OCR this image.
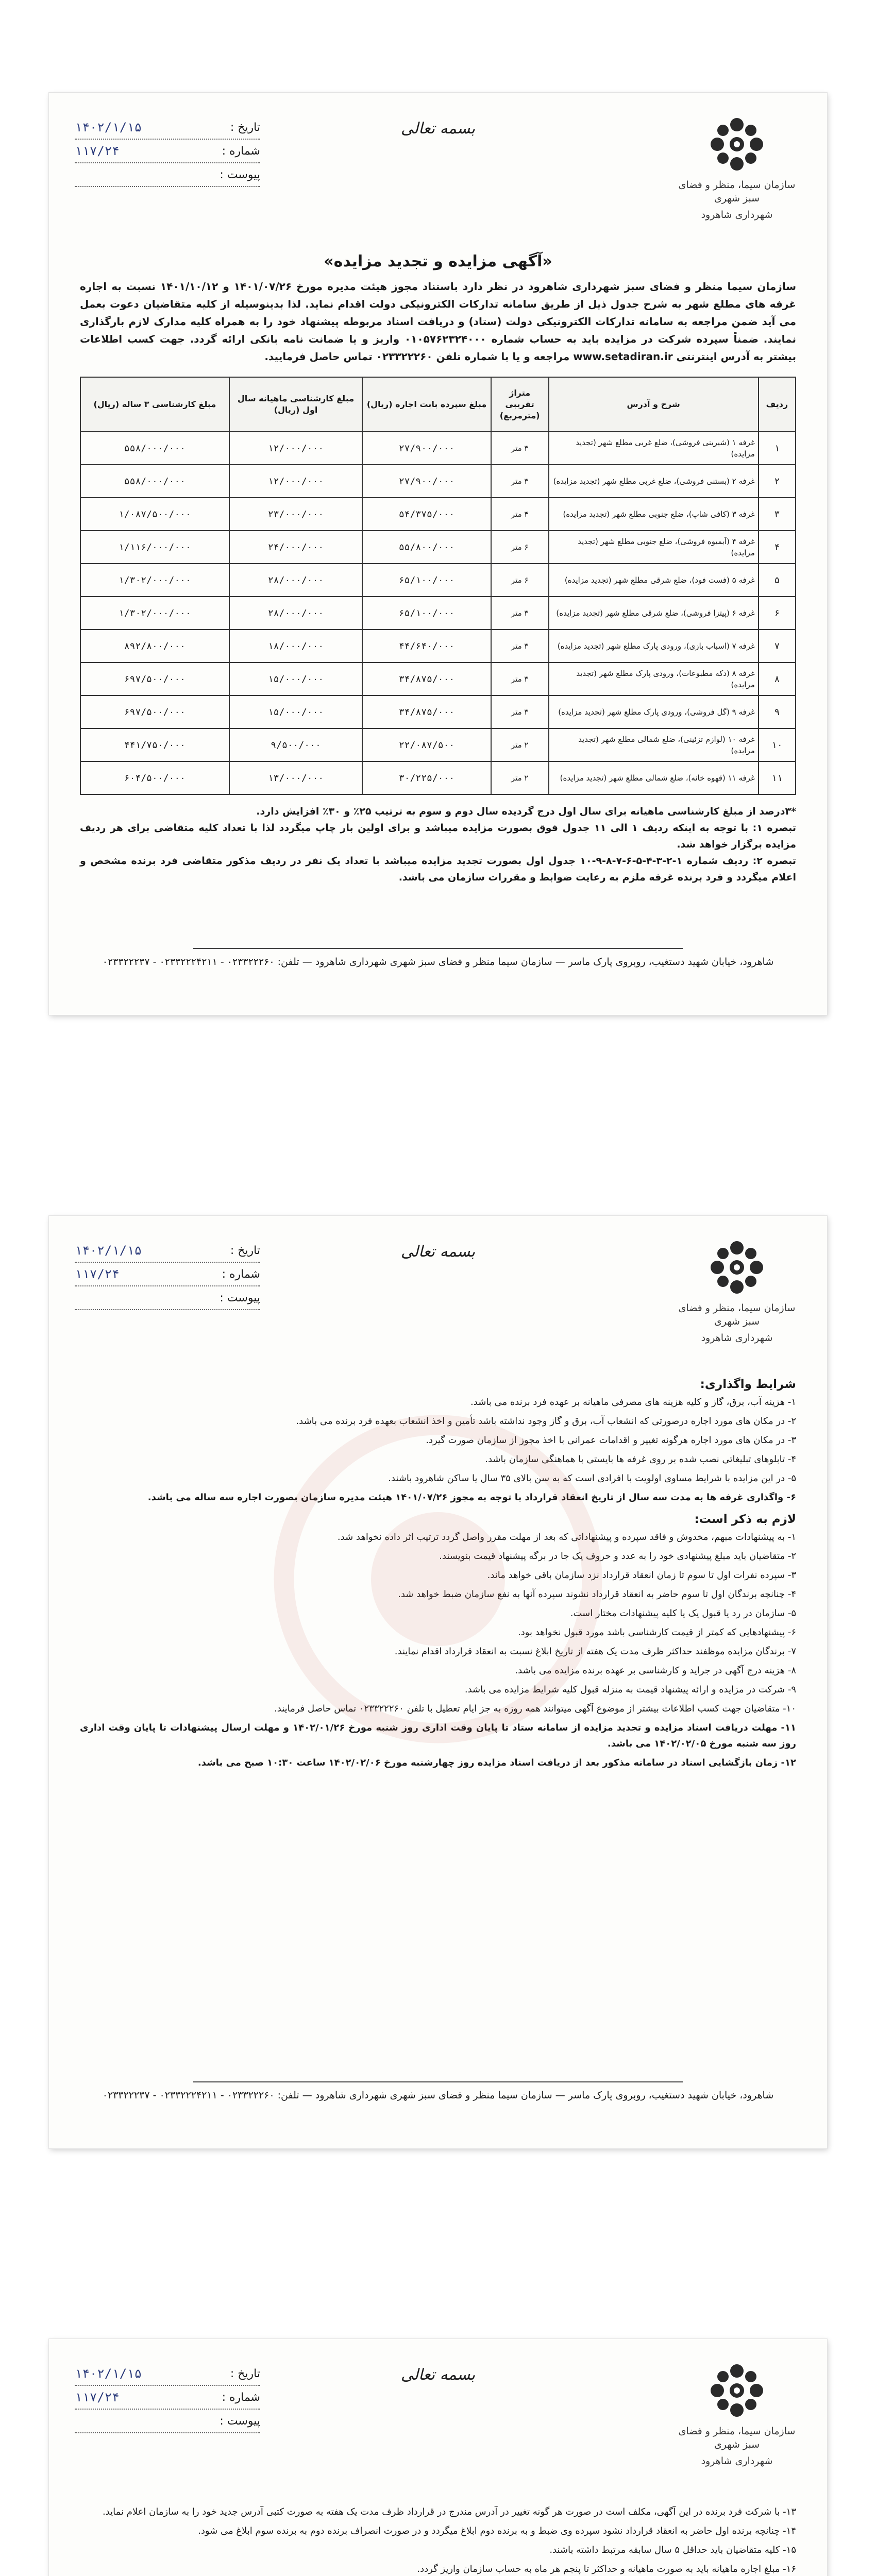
سازمان سیما، منظر و فضای سبز شهری
شهرداری شاهرود
بسمه تعالی
تاریخ :
۱۴۰۲/۱/۱۵
شماره :
۱۱۷/۲۴
پیوست :
«آگهی مزایده و تجدید مزایده»
سازمان سیما منظر و فضای سبز شهرداری شاهرود در نظر دارد باستناد مجوز هیئت مدیره مورخ ۱۴۰۱/۰۷/۲۶ و ۱۴۰۱/۱۰/۱۲ نسبت به اجاره غرفه های مطلع شهر به شرح جدول ذیل از طریق سامانه تدارکات الکترونیکی دولت اقدام نماید. لذا بدینوسیله از کلیه متقاضیان دعوت بعمل می آید ضمن مراجعه به سامانه تدارکات الکترونیکی دولت (ستاد) و دریافت اسناد مربوطه پیشنهاد خود را به همراه کلیه مدارک لازم بارگذاری نمایند. ضمناً سپرده شرکت در مزایده باید به حساب شماره ۰۱۰۵۷۶۲۳۲۴۰۰۰ واریز و یا ضمانت نامه بانکی ارائه گردد. جهت کسب اطلاعات بیشتر به آدرس اینترنتی www.setadiran.ir مراجعه و یا با شماره تلفن ۰۲۳۳۲۲۲۶۰ تماس حاصل فرمایید.
ردیف	شرح و آدرس	متراژ تقریبی (مترمربع)	مبلغ سپرده بابت اجاره (ریال)	مبلغ کارشناسی ماهیانه سال اول (ریال)	مبلغ کارشناسی ۳ ساله (ریال)
۱	غرفه ۱ (شیرینی فروشی)، ضلع غربی مطلع شهر (تجدید مزایده)	۳ متر	۲۷/۹۰۰/۰۰۰	۱۲/۰۰۰/۰۰۰	۵۵۸/۰۰۰/۰۰۰
۲	غرفه ۲ (بستنی فروشی)، ضلع غربی مطلع شهر (تجدید مزایده)	۳ متر	۲۷/۹۰۰/۰۰۰	۱۲/۰۰۰/۰۰۰	۵۵۸/۰۰۰/۰۰۰
۳	غرفه ۳ (کافی شاپ)، ضلع جنوبی مطلع شهر (تجدید مزایده)	۴ متر	۵۴/۳۷۵/۰۰۰	۲۳/۰۰۰/۰۰۰	۱/۰۸۷/۵۰۰/۰۰۰
۴	غرفه ۴ (آبمیوه فروشی)، ضلع جنوبی مطلع شهر (تجدید مزایده)	۶ متر	۵۵/۸۰۰/۰۰۰	۲۴/۰۰۰/۰۰۰	۱/۱۱۶/۰۰۰/۰۰۰
۵	غرفه ۵ (فست فود)، ضلع شرقی مطلع شهر (تجدید مزایده)	۶ متر	۶۵/۱۰۰/۰۰۰	۲۸/۰۰۰/۰۰۰	۱/۳۰۲/۰۰۰/۰۰۰
۶	غرفه ۶ (پیتزا فروشی)، ضلع شرقی مطلع شهر (تجدید مزایده)	۳ متر	۶۵/۱۰۰/۰۰۰	۲۸/۰۰۰/۰۰۰	۱/۳۰۲/۰۰۰/۰۰۰
۷	غرفه ۷ (اسباب بازی)، ورودی پارک مطلع شهر (تجدید مزایده)	۳ متر	۴۴/۶۴۰/۰۰۰	۱۸/۰۰۰/۰۰۰	۸۹۲/۸۰۰/۰۰۰
۸	غرفه ۸ (دکه مطبوعات)، ورودی پارک مطلع شهر (تجدید مزایده)	۳ متر	۳۴/۸۷۵/۰۰۰	۱۵/۰۰۰/۰۰۰	۶۹۷/۵۰۰/۰۰۰
۹	غرفه ۹ (گل فروشی)، ورودی پارک مطلع شهر (تجدید مزایده)	۳ متر	۳۴/۸۷۵/۰۰۰	۱۵/۰۰۰/۰۰۰	۶۹۷/۵۰۰/۰۰۰
۱۰	غرفه ۱۰ (لوازم تزئینی)، ضلع شمالی مطلع شهر (تجدید مزایده)	۲ متر	۲۲/۰۸۷/۵۰۰	۹/۵۰۰/۰۰۰	۴۴۱/۷۵۰/۰۰۰
۱۱	غرفه ۱۱ (قهوه خانه)، ضلع شمالی مطلع شهر (تجدید مزایده)	۲ متر	۳۰/۲۲۵/۰۰۰	۱۳/۰۰۰/۰۰۰	۶۰۴/۵۰۰/۰۰۰
*۳درصد از مبلغ کارشناسی ماهیانه برای سال اول درج گردیده سال دوم و سوم به ترتیب ۲۵٪ و ۳۰٪ افزایش دارد.
تبصره ۱: با توجه به اینکه ردیف ۱ الی ۱۱ جدول فوق بصورت مزایده میباشد و برای اولین بار چاپ میگردد لذا با تعداد کلیه متقاضی برای هر ردیف مزایده برگزار خواهد شد.
تبصره ۲: ردیف شماره ۱-۲-۳-۴-۵-۶-۷-۸-۹-۱۰ جدول اول بصورت تجدید مزایده میباشد با تعداد یک نفر در ردیف مذکور متقاضی فرد برنده مشخص و اعلام میگردد و فرد برنده غرفه ملزم به رعایت ضوابط و مقررات سازمان می باشد.
شاهرود، خیابان شهید دستغیب، روبروی پارک ماسر — سازمان سیما منظر و فضای سبز شهری شهرداری شاهرود — تلفن: ۰۲۳۳۲۲۲۶۰ - ۰۲۳۳۲۲۲۴۲۱۱ - ۰۲۳۳۲۲۲۳۷
سازمان سیما، منظر و فضای سبز شهری
شهرداری شاهرود
بسمه تعالی
تاریخ :
۱۴۰۲/۱/۱۵
شماره :
۱۱۷/۲۴
پیوست :
شرایط واگذاری:

۱- هزینه آب، برق، گاز و کلیه هزینه های مصرفی ماهیانه بر عهده فرد برنده می باشد.

۲- در مکان های مورد اجاره درصورتی که انشعاب آب، برق و گاز وجود نداشته باشد تأمین و اخذ انشعاب بعهده فرد برنده می باشد.

۳- در مکان های مورد اجاره هرگونه تغییر و اقدامات عمرانی با اخذ مجوز از سازمان صورت گیرد.

۴- تابلوهای تبلیغاتی نصب شده بر روی غرفه ها بایستی با هماهنگی سازمان باشد.

۵- در این مزایده با شرایط مساوی اولویت با افرادی است که به سن بالای ۳۵ سال یا ساکن شاهرود باشند.

۶- واگذاری غرفه ها به مدت سه سال از تاریخ انعقاد قرارداد با توجه به مجوز ۱۴۰۱/۰۷/۲۶ هیئت مدیره سازمان بصورت اجاره سه ساله می باشد.

لازم به ذکر است:

۱- به پیشنهادات مبهم، مخدوش و فاقد سپرده و پیشنهاداتی که بعد از مهلت مقرر واصل گردد ترتیب اثر داده نخواهد شد.

۲- متقاضیان باید مبلغ پیشنهادی خود را به عدد و حروف یک جا در برگه پیشنهاد قیمت بنویسند.

۳- سپرده نفرات اول تا سوم تا زمان انعقاد قرارداد نزد سازمان باقی خواهد ماند.

۴- چنانچه برندگان اول تا سوم حاضر به انعقاد قرارداد نشوند سپرده آنها به نفع سازمان ضبط خواهد شد.

۵- سازمان در رد یا قبول یک یا کلیه پیشنهادات مختار است.

۶- پیشنهادهایی که کمتر از قیمت کارشناسی باشد مورد قبول نخواهد بود.

۷- برندگان مزایده موظفند حداکثر ظرف مدت یک هفته از تاریخ ابلاغ نسبت به انعقاد قرارداد اقدام نمایند.

۸- هزینه درج آگهی در جراید و کارشناسی بر عهده برنده مزایده می باشد.

۹- شرکت در مزایده و ارائه پیشنهاد قیمت به منزله قبول کلیه شرایط مزایده می باشد.

۱۰- متقاضیان جهت کسب اطلاعات بیشتر از موضوع آگهی میتوانند همه روزه به جز ایام تعطیل با تلفن ۰۲۳۳۲۲۲۶۰ تماس حاصل فرمایند.

۱۱- مهلت دریافت اسناد مزایده و تجدید مزایده از سامانه ستاد تا پایان وقت اداری روز شنبه مورخ ۱۴۰۲/۰۱/۲۶ و مهلت ارسال پیشنهادات تا پایان وقت اداری روز سه شنبه مورخ ۱۴۰۲/۰۲/۰۵ می باشد.

۱۲- زمان بازگشایی اسناد در سامانه مذکور بعد از دریافت اسناد مزایده روز چهارشنبه مورخ ۱۴۰۲/۰۲/۰۶ ساعت ۱۰:۳۰ صبح می باشد.

شاهرود، خیابان شهید دستغیب، روبروی پارک ماسر — سازمان سیما منظر و فضای سبز شهری شهرداری شاهرود — تلفن: ۰۲۳۳۲۲۲۶۰ - ۰۲۳۳۲۲۲۴۲۱۱ - ۰۲۳۳۲۲۲۳۷
سازمان سیما، منظر و فضای سبز شهری
شهرداری شاهرود
بسمه تعالی
تاریخ :
۱۴۰۲/۱/۱۵
شماره :
۱۱۷/۲۴
پیوست :

۱۳- با شرکت فرد برنده در این آگهی، مکلف است در صورت هر گونه تغییر در آدرس مندرج در قرارداد ظرف مدت یک هفته به صورت کتبی آدرس جدید خود را به سازمان اعلام نماید.

۱۴- چنانچه برنده اول حاضر به انعقاد قرارداد نشود سپرده وی ضبط و به برنده دوم ابلاغ میگردد و در صورت انصراف برنده دوم به برنده سوم ابلاغ می شود.

۱۵- کلیه متقاضیان باید حداقل ۵ سال سابقه مرتبط داشته باشند.

۱۶- مبلغ اجاره ماهیانه باید به صورت ماهیانه و حداکثر تا پنجم هر ماه به حساب سازمان واریز گردد.
